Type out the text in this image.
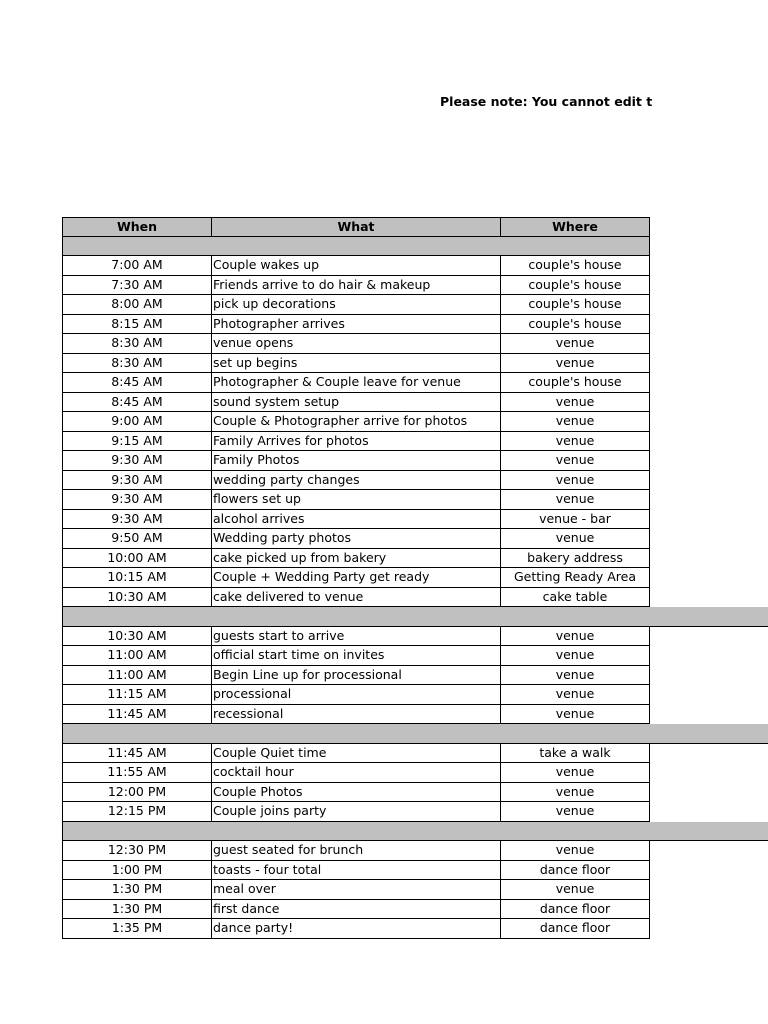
Please note: You cannot edit t
When	What	Where
7:00 AM	Couple wakes up	couple's house
7:30 AM	Friends arrive to do hair & makeup	couple's house
8:00 AM	pick up decorations	couple's house
8:15 AM	Photographer arrives	couple's house
8:30 AM	venue opens	venue
8:30 AM	set up begins	venue
8:45 AM	Photographer & Couple leave for venue	couple's house
8:45 AM	sound system setup	venue
9:00 AM	Couple & Photographer arrive for photos	venue
9:15 AM	Family Arrives for photos	venue
9:30 AM	Family Photos	venue
9:30 AM	wedding party changes	venue
9:30 AM	flowers set up	venue
9:30 AM	alcohol arrives	venue - bar
9:50 AM	Wedding party photos	venue
10:00 AM	cake picked up from bakery	bakery address
10:15 AM	Couple + Wedding Party get ready	Getting Ready Area
10:30 AM	cake delivered to venue	cake table
10:30 AM	guests start to arrive	venue
11:00 AM	official start time on invites	venue
11:00 AM	Begin Line up for processional	venue
11:15 AM	processional	venue
11:45 AM	recessional	venue
11:45 AM	Couple Quiet time	take a walk
11:55 AM	cocktail hour	venue
12:00 PM	Couple Photos	venue
12:15 PM	Couple joins party	venue
12:30 PM	guest seated for brunch	venue
1:00 PM	toasts - four total	dance floor
1:30 PM	meal over	venue
1:30 PM	first dance	dance floor
1:35 PM	dance party!	dance floor
